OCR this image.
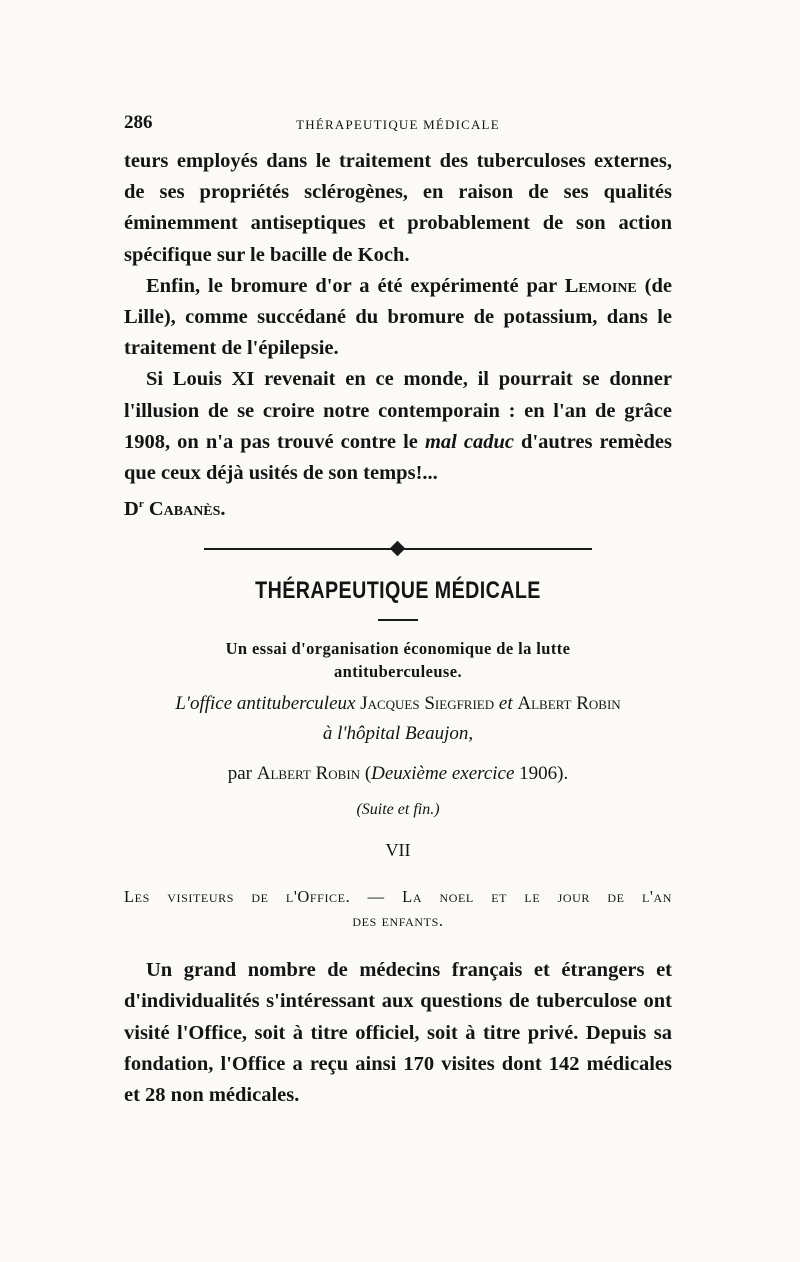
286	THÉRAPEUTIQUE MÉDICALE

teurs employés dans le traitement des tuberculoses externes, de ses propriétés sclérogènes, en raison de ses qualités éminemment antiseptiques et probablement de son action spécifique sur le bacille de Koch.

Enfin, le bromure d'or a été expérimenté par Lemoine (de Lille), comme succédané du bromure de potassium, dans le traitement de l'épilepsie.

Si Louis XI revenait en ce monde, il pourrait se donner l'illusion de se croire notre contemporain : en l'an de grâce 1908, on n'a pas trouvé contre le mal caduc d'autres remèdes que ceux déjà usités de son temps!...

$D^r$ Cabanès.

THÉRAPEUTIQUE MÉDICALE
Un essai d'organisation économique de la lutte
antituberculeuse.
L'office antituberculeux Jacques Siegfried et Albert Robin
à l'hôpital Beaujon,
par Albert Robin (Deuxième exercice 1906).
(Suite et fin.)
VII
Les visiteurs de l'Office. — La noel et le jour de l'an
des enfants.

Un grand nombre de médecins français et étrangers et d'individualités s'intéressant aux questions de tuberculose ont visité l'Office, soit à titre officiel, soit à titre privé. Depuis sa fondation, l'Office a reçu ainsi 170 visites dont 142 médicales et 28 non médicales.
